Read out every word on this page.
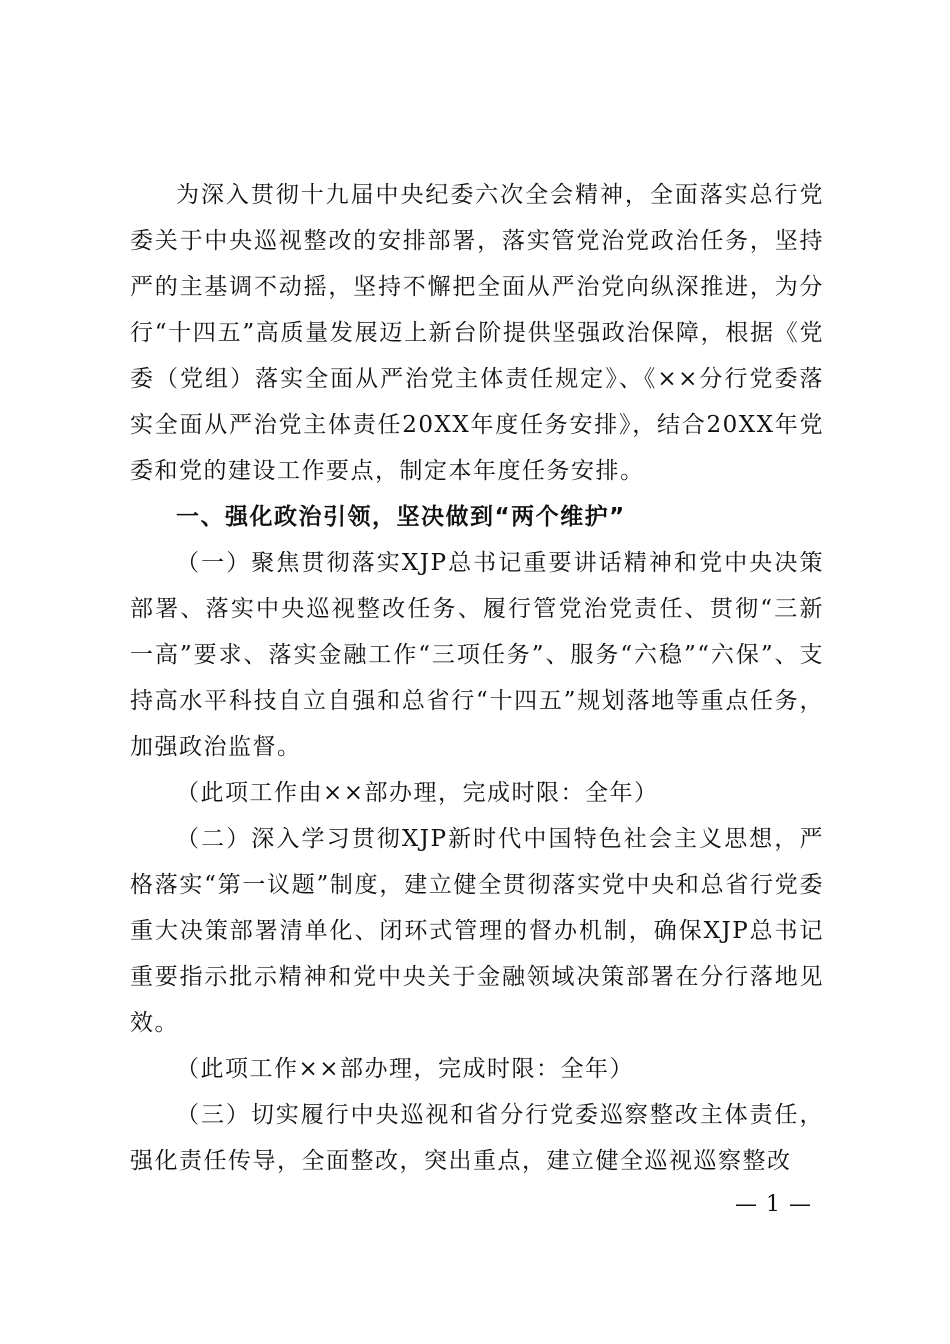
为深入贯彻十九届中央纪委六次全会精神，全面落实总行党委关于中央巡视整改的安排部署，落实管党治党政治任务，坚持严的主基调不动摇，坚持不懈把全面从严治党向纵深推进，为分行“十四五”高质量发展迈上新台阶提供坚强政治保障，根据《党委（党组）落实全面从严治党主体责任规定》、《××分行党委落实全面从严治党主体责任20XX年度任务安排》，结合20XX年党委和党的建设工作要点，制定本年度任务安排。

一、强化政治引领，坚决做到“两个维护”

（一）聚焦贯彻落实XJP总书记重要讲话精神和党中央决策部署、落实中央巡视整改任务、履行管党治党责任、贯彻“三新一高”要求、落实金融工作“三项任务”、服务“六稳”“六保”、支持高水平科技自立自强和总省行“十四五”规划落地等重点任务，加强政治监督。

（此项工作由××部办理，完成时限：全年）

（二）深入学习贯彻XJP新时代中国特色社会主义思想，严格落实“第一议题”制度，建立健全贯彻落实党中央和总省行党委重大决策部署清单化、闭环式管理的督办机制，确保XJP总书记重要指示批示精神和党中央关于金融领域决策部署在分行落地见效。

（此项工作××部办理，完成时限：全年）

（三）切实履行中央巡视和省分行党委巡察整改主体责任，强化责任传导，全面整改，突出重点，建立健全巡视巡察整改

— 1 —
